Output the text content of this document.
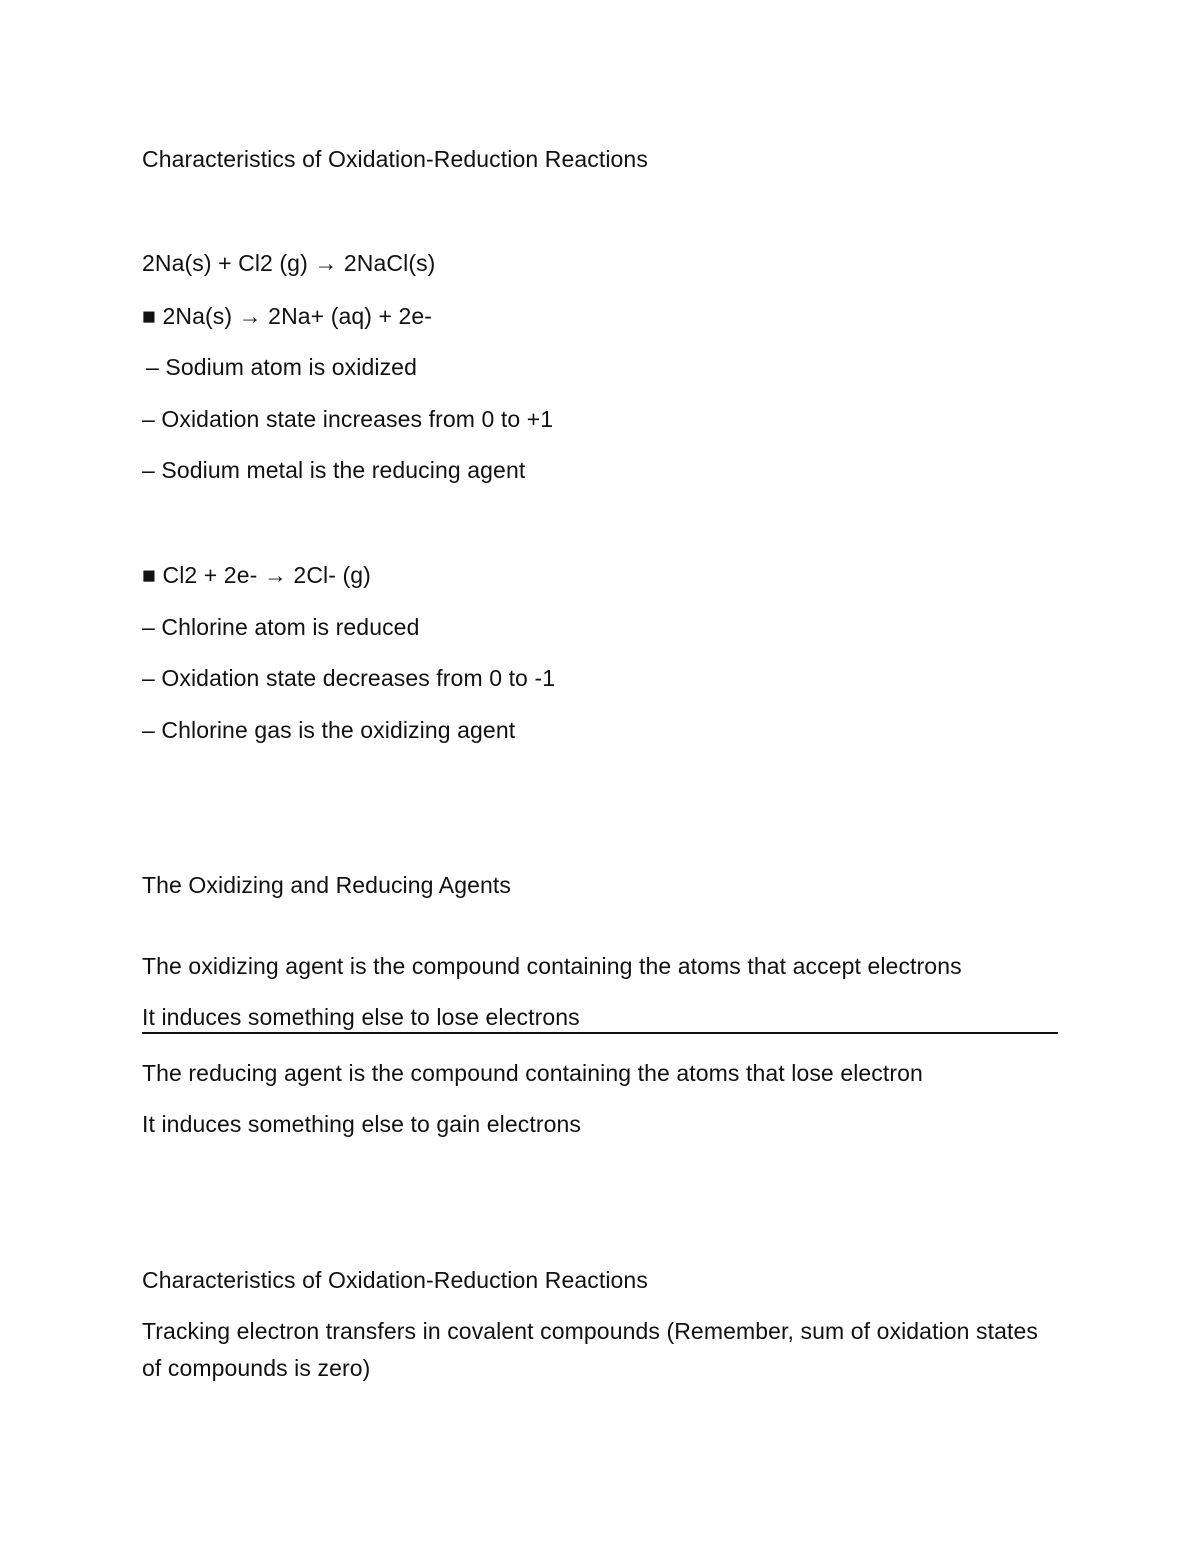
Characteristics of Oxidation-Reduction Reactions
2Na(s) + Cl2 (g) → 2NaCl(s)
■ 2Na(s) → 2Na+ (aq) + 2e-
– Sodium atom is oxidized
– Oxidation state increases from 0 to +1
– Sodium metal is the reducing agent
■ Cl2 + 2e- → 2Cl- (g)
– Chlorine atom is reduced
– Oxidation state decreases from 0 to -1
– Chlorine gas is the oxidizing agent
The Oxidizing and Reducing Agents
The oxidizing agent is the compound containing the atoms that accept electrons
It induces something else to lose electrons
The reducing agent is the compound containing the atoms that lose electron
It induces something else to gain electrons
Characteristics of Oxidation-Reduction Reactions
Tracking electron transfers in covalent compounds (Remember, sum of oxidation states of compounds is zero)
